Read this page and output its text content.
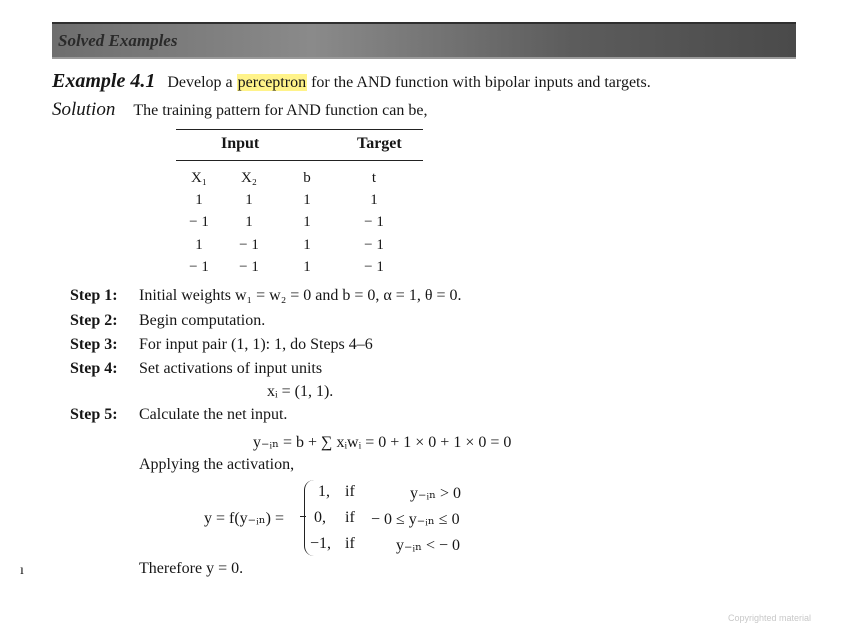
Solved Examples
Example 4.1 Develop a perceptron for the AND function with bipolar inputs and targets.
Solution The training pattern for AND function can be,
Input	Target
X₁	X₂	b	t
1	1	1	1
− 1	1	1	− 1
1	− 1	1	− 1
− 1	− 1	1	− 1
Step 1: Initial weights w₁ = w₂ = 0 and b = 0, α = 1, θ = 0.
Step 2: Begin computation.
Step 3: For input pair (1, 1): 1, do Steps 4–6
Step 4: Set activations of input units
xᵢ = (1, 1).
Step 5: Calculate the net input.
y₋ᵢₙ = b + ∑ xᵢwᵢ = 0 + 1 × 0 + 1 × 0 = 0
Applying the activation,
y = f(y₋ᵢₙ) =
1, if	y₋ᵢₙ > 0
0, if − 0 ≤ y₋ᵢₙ ≤ 0
−1, if	y₋ᵢₙ < − 0
Therefore y = 0.
ı
Copyrighted material
